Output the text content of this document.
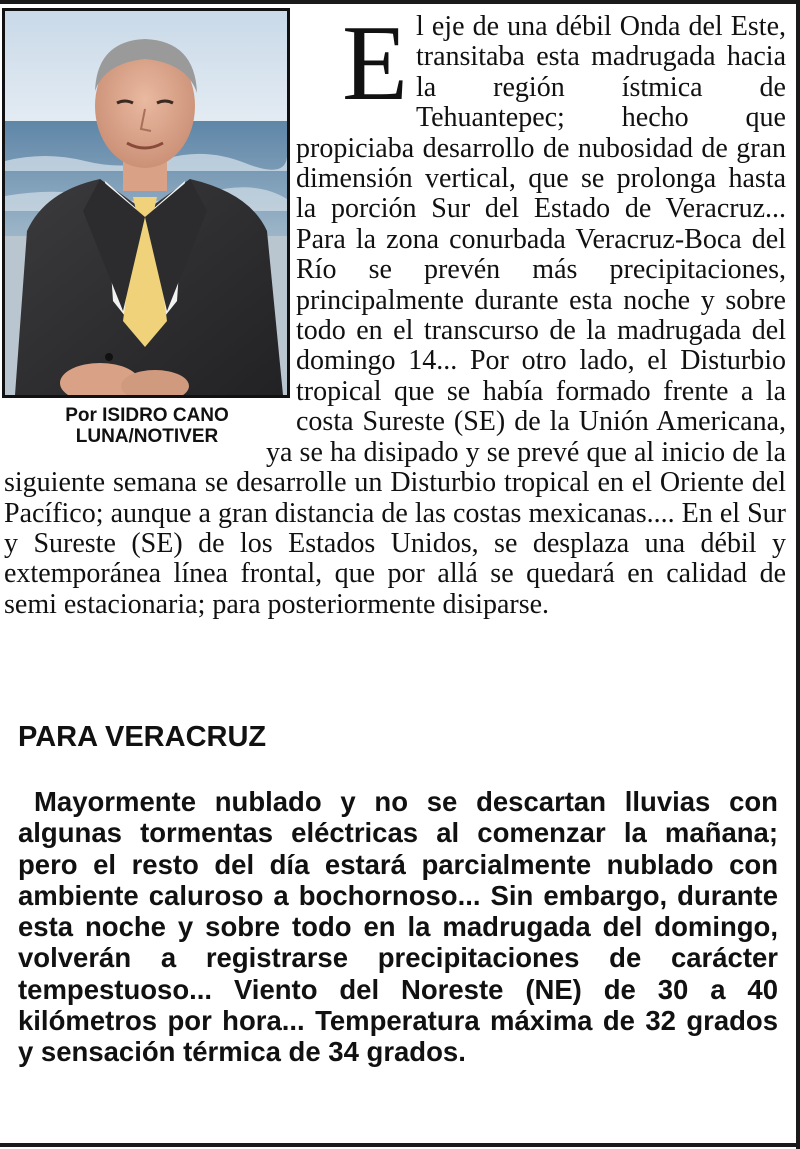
Por ISIDRO CANO
LUNA/NOTIVER

E l eje de una débil Onda del Este, transitaba esta madrugada hacia la región ístmica de Tehuantepec; hecho que propiciaba desarrollo de nubosidad de gran dimensión vertical, que se prolonga hasta la porción Sur del Estado de Veracruz... Para la zona conurbada Veracruz-Boca del Río se prevén más precipitaciones, principalmente durante esta noche y sobre todo en el transcurso de la madrugada del domingo 14... Por otro lado, el Disturbio tropical que se había formado frente a la costa Sureste (SE) de la Unión Americana, ya se ha disipado y se prevé que al inicio de la siguiente semana se desarrolle un Disturbio tropical en el Oriente del Pacífico; aunque a gran distancia de las costas mexicanas.... En el Sur y Sureste (SE) de los Estados Unidos, se desplaza una débil y extemporánea línea frontal, que por allá se quedará en calidad de semi estacionaria; para posteriormente disiparse.

PARA VERACRUZ

Mayormente nublado y no se descartan lluvias con algunas tormentas eléctricas al comenzar la mañana; pero el resto del día estará parcialmente nublado con ambiente caluroso a bochornoso... Sin embargo, durante esta noche y sobre todo en la madrugada del domingo, volverán a registrarse precipitaciones de carácter tempestuoso... Viento del Noreste (NE) de 30 a 40 kilómetros por hora... Temperatura máxima de 32 grados y sensación térmica de 34 grados.
